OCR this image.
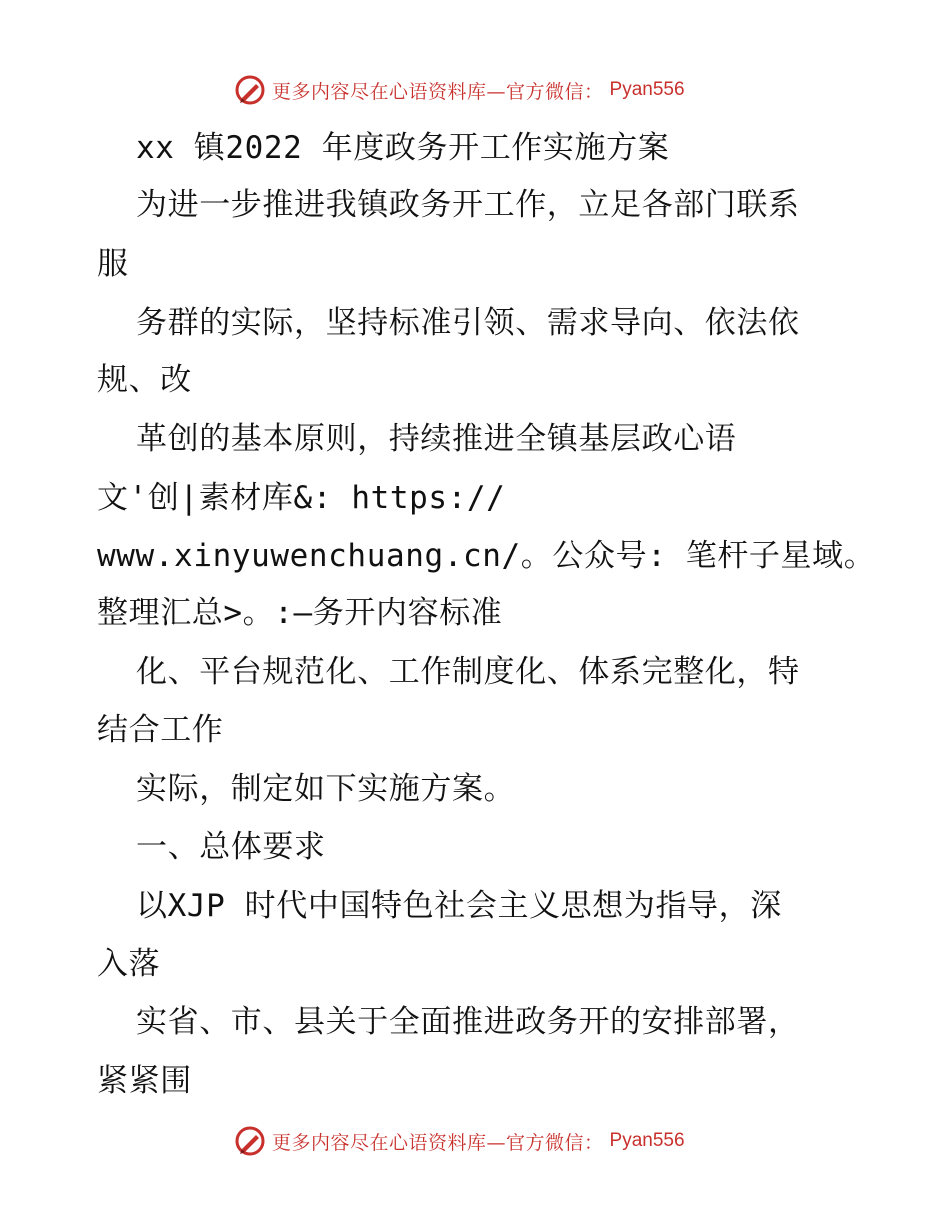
更多内容尽在心语资料库—官方微信： Pyan556
xx 镇2022 年度政务开工作实施方案
为进一步推进我镇政务开工作，立足各部门联系
服
务群的实际，坚持标准引领、需求导向、依法依
规、改
革创的基本原则，持续推进全镇基层政心语
文'创|素材库&: https://
www.xinyuwenchuang.cn/。公众号: 笔杆子星域。
整理汇总>。:—务开内容标准
化、平台规范化、工作制度化、体系完整化，特
结合工作
实际，制定如下实施方案。
一、总体要求
以XJP 时代中国特色社会主义思想为指导，深
入落
实省、市、县关于全面推进政务开的安排部署，
紧紧围
更多内容尽在心语资料库—官方微信： Pyan556
